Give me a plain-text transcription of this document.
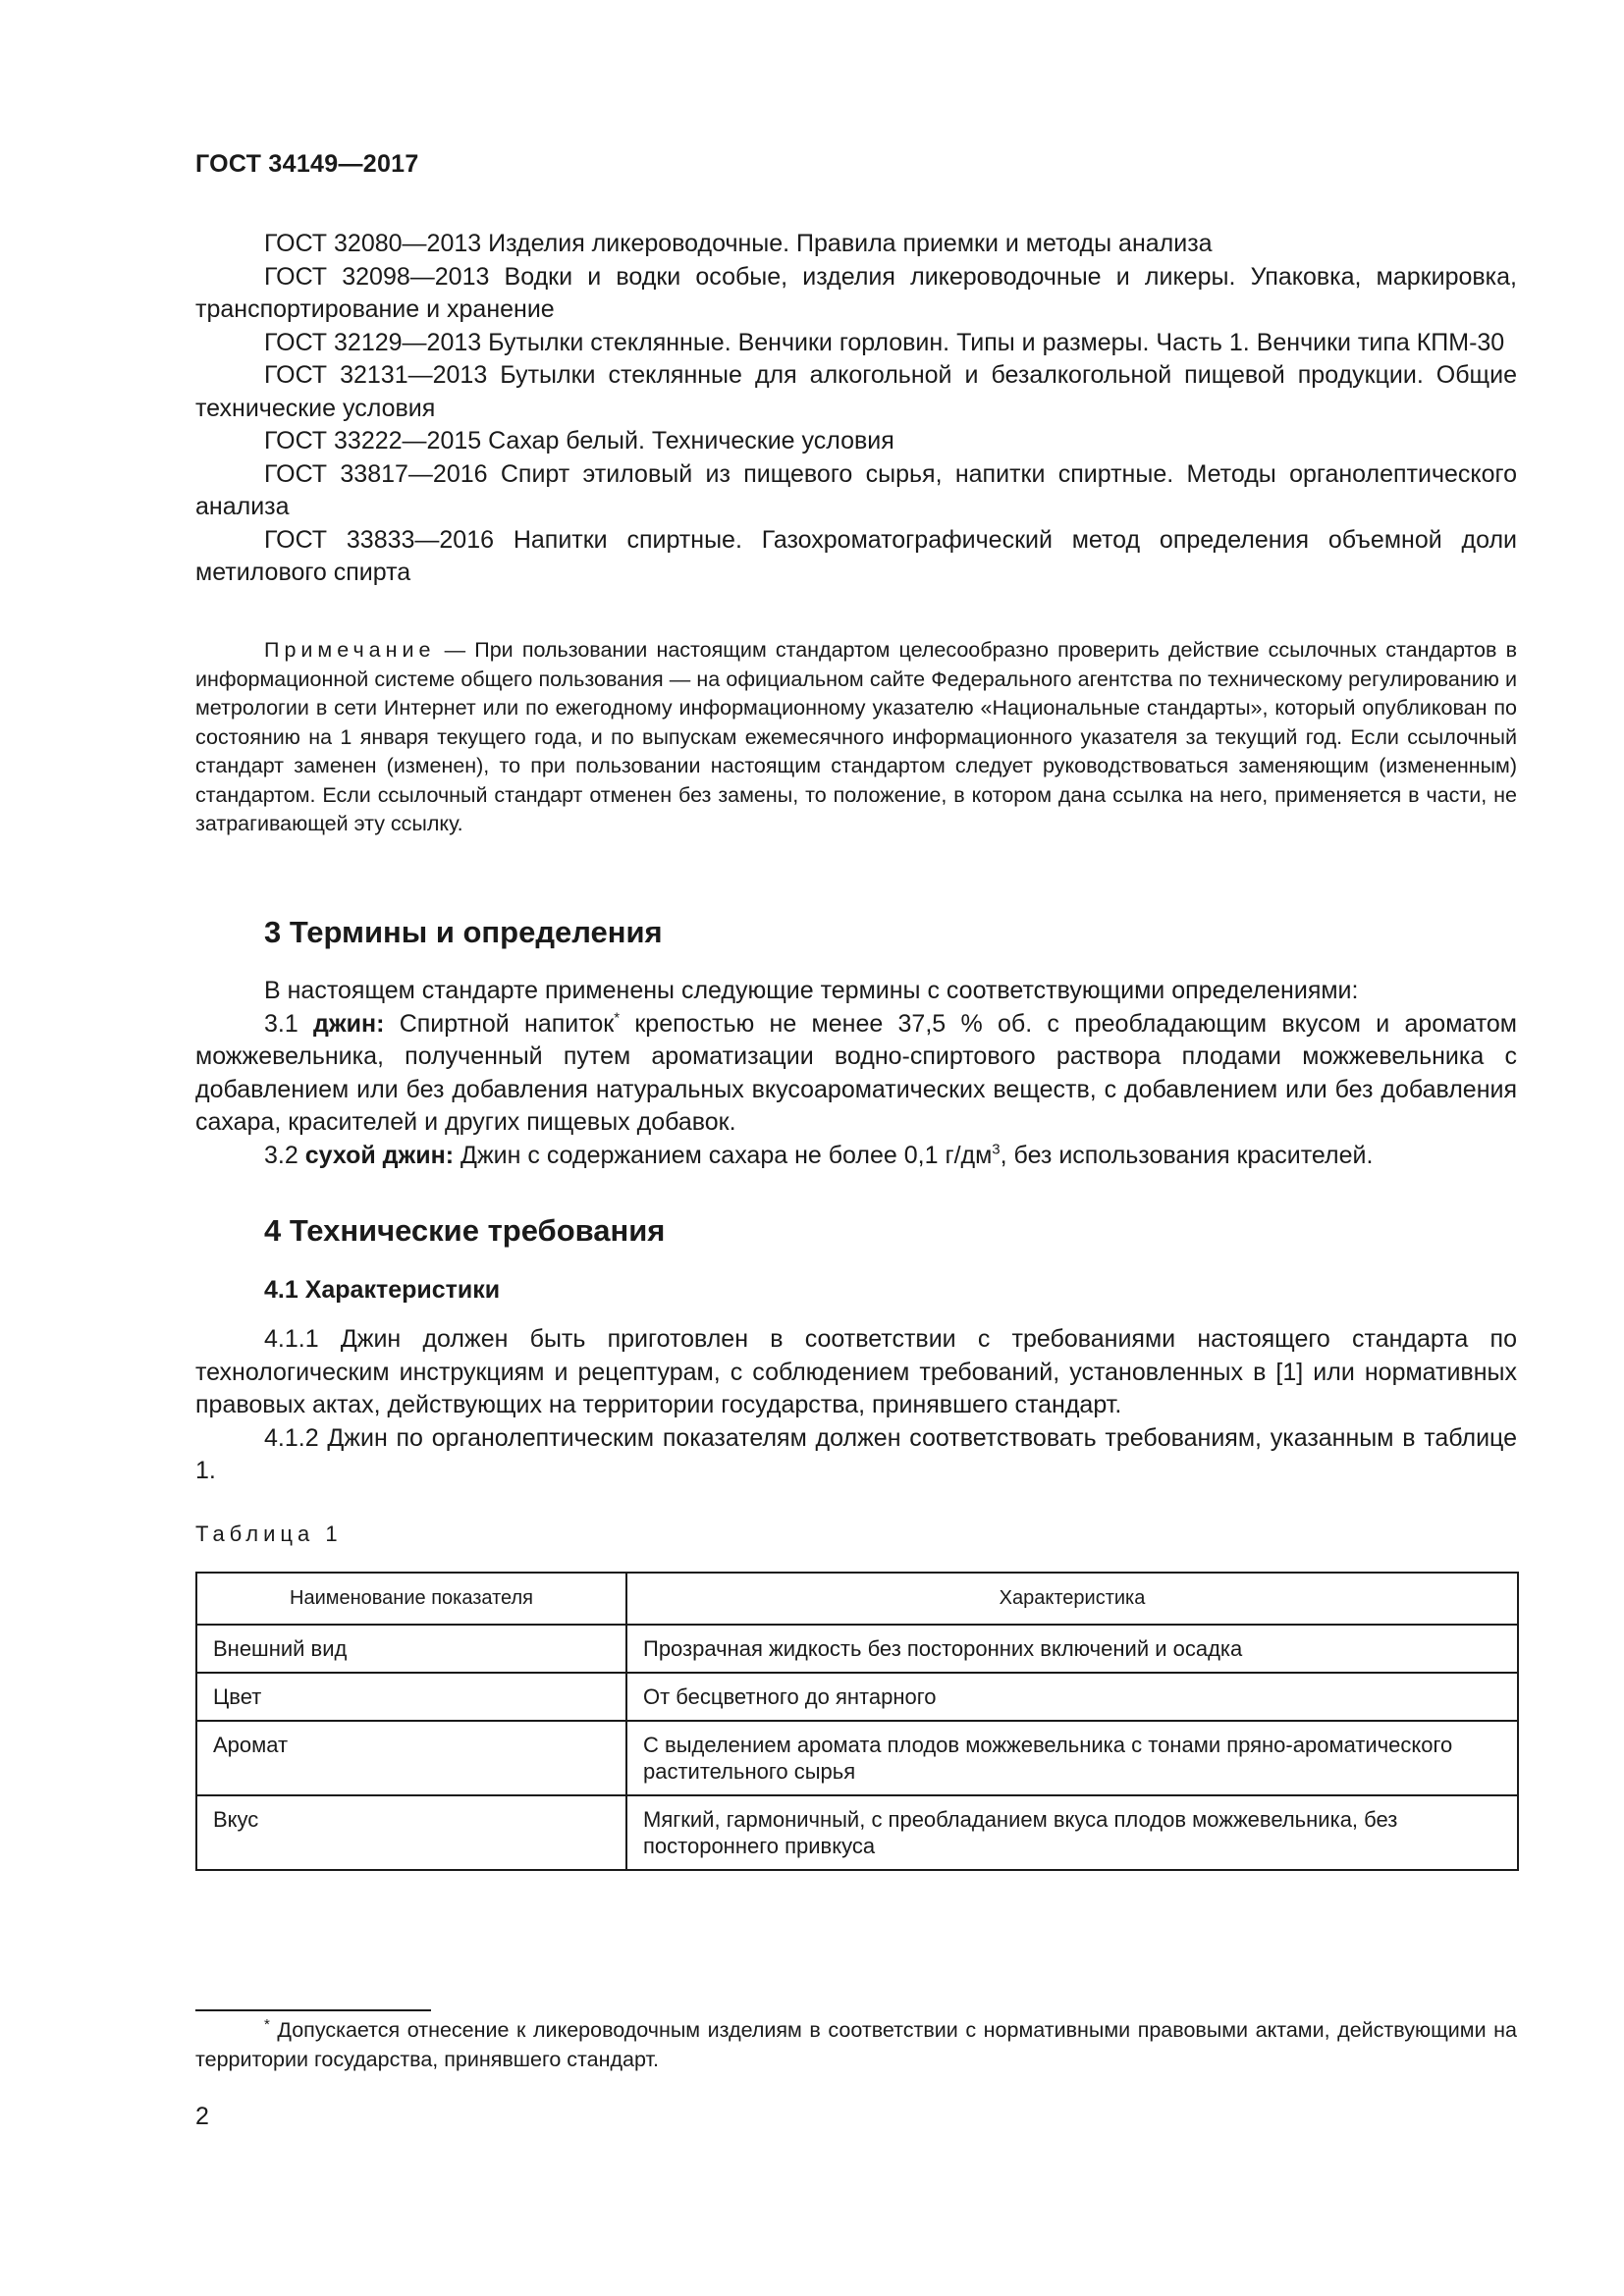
ГОСТ 34149—2017

ГОСТ 32080—2013 Изделия ликероводочные. Правила приемки и методы анализа

ГОСТ 32098—2013 Водки и водки особые, изделия ликероводочные и ликеры. Упаковка, маркировка, транспортирование и хранение

ГОСТ 32129—2013 Бутылки стеклянные. Венчики горловин. Типы и размеры. Часть 1. Венчики типа КПМ-30

ГОСТ 32131—2013 Бутылки стеклянные для алкогольной и безалкогольной пищевой продукции. Общие технические условия

ГОСТ 33222—2015 Сахар белый. Технические условия

ГОСТ 33817—2016 Спирт этиловый из пищевого сырья, напитки спиртные. Методы органолептического анализа

ГОСТ 33833—2016 Напитки спиртные. Газохроматографический метод определения объемной доли метилового спирта

Примечание — При пользовании настоящим стандартом целесообразно проверить действие ссылочных стандартов в информационной системе общего пользования — на официальном сайте Федерального агентства по техническому регулированию и метрологии в сети Интернет или по ежегодному информационному указателю «Национальные стандарты», который опубликован по состоянию на 1 января текущего года, и по выпускам ежемесячного информационного указателя за текущий год. Если ссылочный стандарт заменен (изменен), то при пользовании настоящим стандартом следует руководствоваться заменяющим (измененным) стандартом. Если ссылочный стандарт отменен без замены, то положение, в котором дана ссылка на него, применяется в части, не затрагивающей эту ссылку.

3 Термины и определения

В настоящем стандарте применены следующие термины с соответствующими определениями:

3.1 джин: Спиртной напиток* крепостью не менее 37,5 % об. с преобладающим вкусом и ароматом можжевельника, полученный путем ароматизации водно-спиртового раствора плодами можжевельника с добавлением или без добавления натуральных вкусоароматических веществ, с добавлением или без добавления сахара, красителей и других пищевых добавок.

3.2 сухой джин: Джин с содержанием сахара не более 0,1 $г/дм^3$, без использования красителей.

4 Технические требования
4.1 Характеристики

4.1.1 Джин должен быть приготовлен в соответствии с требованиями настоящего стандарта по технологическим инструкциям и рецептурам, с соблюдением требований, установленных в [1] или нормативных правовых актах, действующих на территории государства, принявшего стандарт.

4.1.2 Джин по органолептическим показателям должен соответствовать требованиям, указанным в таблице 1.

Таблица 1
Наименование показателя	Характеристика
Внешний вид	Прозрачная жидкость без посторонних включений и осадка
Цвет	От бесцветного до янтарного
Аромат	С выделением аромата плодов можжевельника с тонами пряно-ароматического растительного сырья
Вкус	Мягкий, гармоничный, с преобладанием вкуса плодов можжевельника, без постороннего привкуса

* Допускается отнесение к ликероводочным изделиям в соответствии с нормативными правовыми актами, действующими на территории государства, принявшего стандарт.

2
